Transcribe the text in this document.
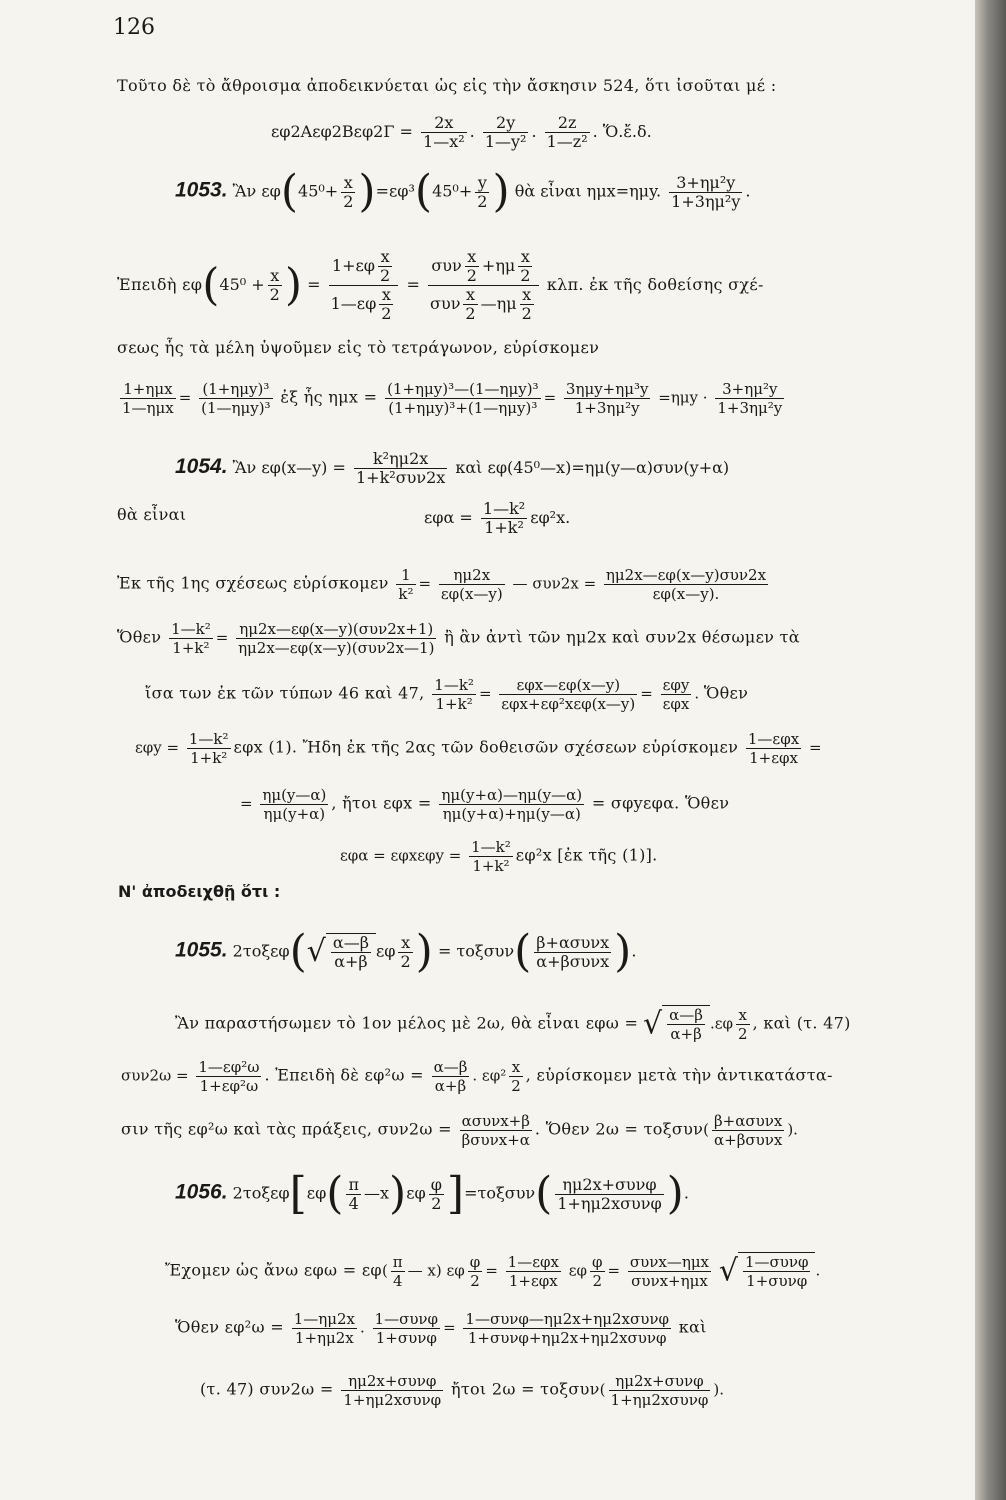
126
Τοῦτο δὲ τὸ ἄθροισμα ἀποδεικνύεται ὡς εἰς τὴν ἄσκησιν 524, ὅτι ἰσοῦται μέ :
$\varepsilon\varphi 2A\varepsilon\varphi 2B\varepsilon\varphi 2\Gamma = \frac{2x}{\text{1—x²}}$ . $\frac{2y}{\text{1—y²}}$ . $\frac{2z}{\text{1—z²}}$ . Ὅ.ἔ.δ.
1053. Ἂν $\varepsilon\varphi(45^0+ \frac{x}{2} )=\varepsilon\varphi^3(45^0+ \frac{y}{2}$ ) θὰ εἶναι ημx=ημy. $\frac{\text{3+ημ²y}}{\text{1+3ημ²y}}$ .
Ἐπειδὴ $\varepsilon\varphi(45^0 + \frac{x}{2}$ ) = $\frac{1+\varepsilon\varphi \frac{x}{2}}{1—\varepsilon\varphi \frac{x}{2}} = \frac{\sigma\upsilon\nu \frac{x}{2} +\eta\mu \frac{x}{2}}{\sigma\upsilon\nu \frac{x}{2} —\eta\mu \frac{x}{2}} \kappa\lambda\pi$. ἐκ τῆς δοθείσης σχέ-
σεως ἧς τὰ μέλη ὑψοῦμεν εἰς τὸ τετράγωνον, εὑρίσκομεν
$\frac{\text{1+ημx}}{\text{1—ημx}} = \frac{\text{(1+ημy)³}}{\text{(1—ημy)³}}$ ἐξ ἧς $\eta\mu x = \frac{\text{(1+ημy)³—(1—ημy)³}}{\text{(1+ημy)³+(1—ημy)³}} = \frac{\text{3ημy+ημ³y}}{\text{1+3ημ²y}} =\eta\mu y \cdot \frac{\text{3+ημ²y}}{\text{1+3ημ²y}}$
1054. Ἂν εφ(x—y) = $\frac{\text{k²ημ2x}}{\text{1+k²συν2x}}$ καὶ εφ(45⁰—x)=ημ(y—α)συν(y+α)
θὰ εἶναι	$\varepsilon\varphi\alpha = \frac{\text{1—k²}}{\text{1+k²}} \varepsilon\varphi^2x$.
Ἐκ τῆς 1ης σχέσεως εὑρίσκομεν $\frac{1}{\text{k²}} = \frac{\eta\mu 2x}{\varepsilon\varphi(x—y)}$ — $\sigma\upsilon\nu 2x = \frac{\text{ημ2x—εφ(x—y)συν2x}}{\varepsilon\varphi(x—y).}$
Ὅθεν $\frac{\text{1—k²}}{\text{1+k²}} = \frac{\text{ημ2x—εφ(x—y)(συν2x+1)}}{\text{ημ2x—εφ(x—y)(συν2x—1)}}$ ἢ ἂν ἀντὶ τῶν ημ2x καὶ συν2x θέσωμεν τὰ
ἴσα των ἐκ τῶν τύπων 46 καὶ 47, $\frac{\text{1—k²}}{\text{1+k²}} = \frac{\text{εφx—εφ(x—y)}}{\text{εφx+εφ²xεφ(x—y)}} = \frac{\text{εφy}}{\text{εφx}}$ . Ὅθεν
$\varepsilon\varphi y = \frac{\text{1—k²}}{\text{1+k²}}$ εφx (1). Ἤδη ἐκ τῆς 2ας τῶν δοθεισῶν σχέσεων εὑρίσκομεν $\frac{\text{1—εφx}}{\text{1+εφx}}$ =
= $\frac{\eta\mu(y—\alpha)}{\eta\mu(y+\alpha)}$ , ἤτοι $\varepsilon\varphi x = \frac{\eta\mu(y+\alpha)—\eta\mu(y—\alpha)}{\eta\mu(y+\alpha)+\eta\mu(y—\alpha)} = \sigma\varphi y\varepsilon\varphi\alpha$. Ὅθεν
$\varepsilon\varphi\alpha = \varepsilon\varphi x\varepsilon\varphi y = \frac{\text{1—k²}}{\text{1+k²}} \varepsilon\varphi^2x$ [ἐκ τῆς (1)].
Ν' ἀποδειχθῇ ὅτι :
1055. $2\tau o\xi\varepsilon\varphi(√ \frac{\alpha—\beta}{\alpha+\beta}$ εφ $\frac{x}{2}$ ) = $\tau o\xi\sigma\upsilon\nu( \frac{\text{β+ασυνx}}{\text{α+βσυνx}}$ ).
Ἂν παραστήσωμεν τὸ 1ον μέλος μὲ 2ω, θὰ εἶναι εφω = √ $\frac{\alpha—\beta}{\alpha+\beta} .\varepsilon\varphi \frac{x}{2}$ , καὶ (τ. 47)
$\sigma\upsilon\nu 2\omega = \frac{\text{1—εφ²ω}}{\text{1+εφ²ω}}$ . Ἐπειδὴ δὲ $\varepsilon\varphi^2\omega = \frac{\alpha—\beta}{\alpha+\beta}$ . $\varepsilon\varphi^2 \frac{x}{2}$ , εὑρίσκομεν μετὰ τὴν ἀντικατάστα-
σιν τῆς εφ²ω καὶ τὰς πράξεις, $\sigma\upsilon\nu 2\omega = \frac{\text{ασυνx+β}}{\text{βσυνx+α}}$ . Ὅθεν $2\omega = \tau o\xi\sigma\upsilon\nu( \frac{\text{β+ασυνx}}{\text{α+βσυνx}}$ ).
1056. $2\tau o\xi\varepsilon\varphi[\varepsilon\varphi( \frac{\pi}{4}$ —x)εφ $\frac{\varphi}{2} ]=\tau o\xi\sigma\upsilon\nu( \frac{\text{ημ2x+συνφ}}{\text{1+ημ2xσυνφ}}$ ).
Ἔχομεν ὡς ἄνω $\varepsilon\varphi\omega = \varepsilon\varphi( \frac{\pi}{4}$ — x) εφ $\frac{\varphi}{2} = \frac{\text{1—εφx}}{\text{1+εφx}}$ εφ $\frac{\varphi}{2} = \frac{\text{συνx—ημx}}{\text{συνx+ημx}}$ √ $\frac{\text{1—συνφ}}{\text{1+συνφ}}$ .
Ὅθεν $\varepsilon\varphi^2\omega = \frac{1—\eta\mu 2x}{1+\eta\mu 2x}$ . $\frac{\text{1—συνφ}}{\text{1+συνφ}} = \frac{\text{1—συνφ—ημ2x+ημ2xσυνφ}}{\text{1+συνφ+ημ2x+ημ2xσυνφ}}$ καὶ
(τ. 47) $\sigma\upsilon\nu 2\omega = \frac{\text{ημ2x+συνφ}}{\text{1+ημ2xσυνφ}}$ ἤτοι $2\omega = \tau o\xi\sigma\upsilon\nu( \frac{\text{ημ2x+συνφ}}{\text{1+ημ2xσυνφ}}$ ).
